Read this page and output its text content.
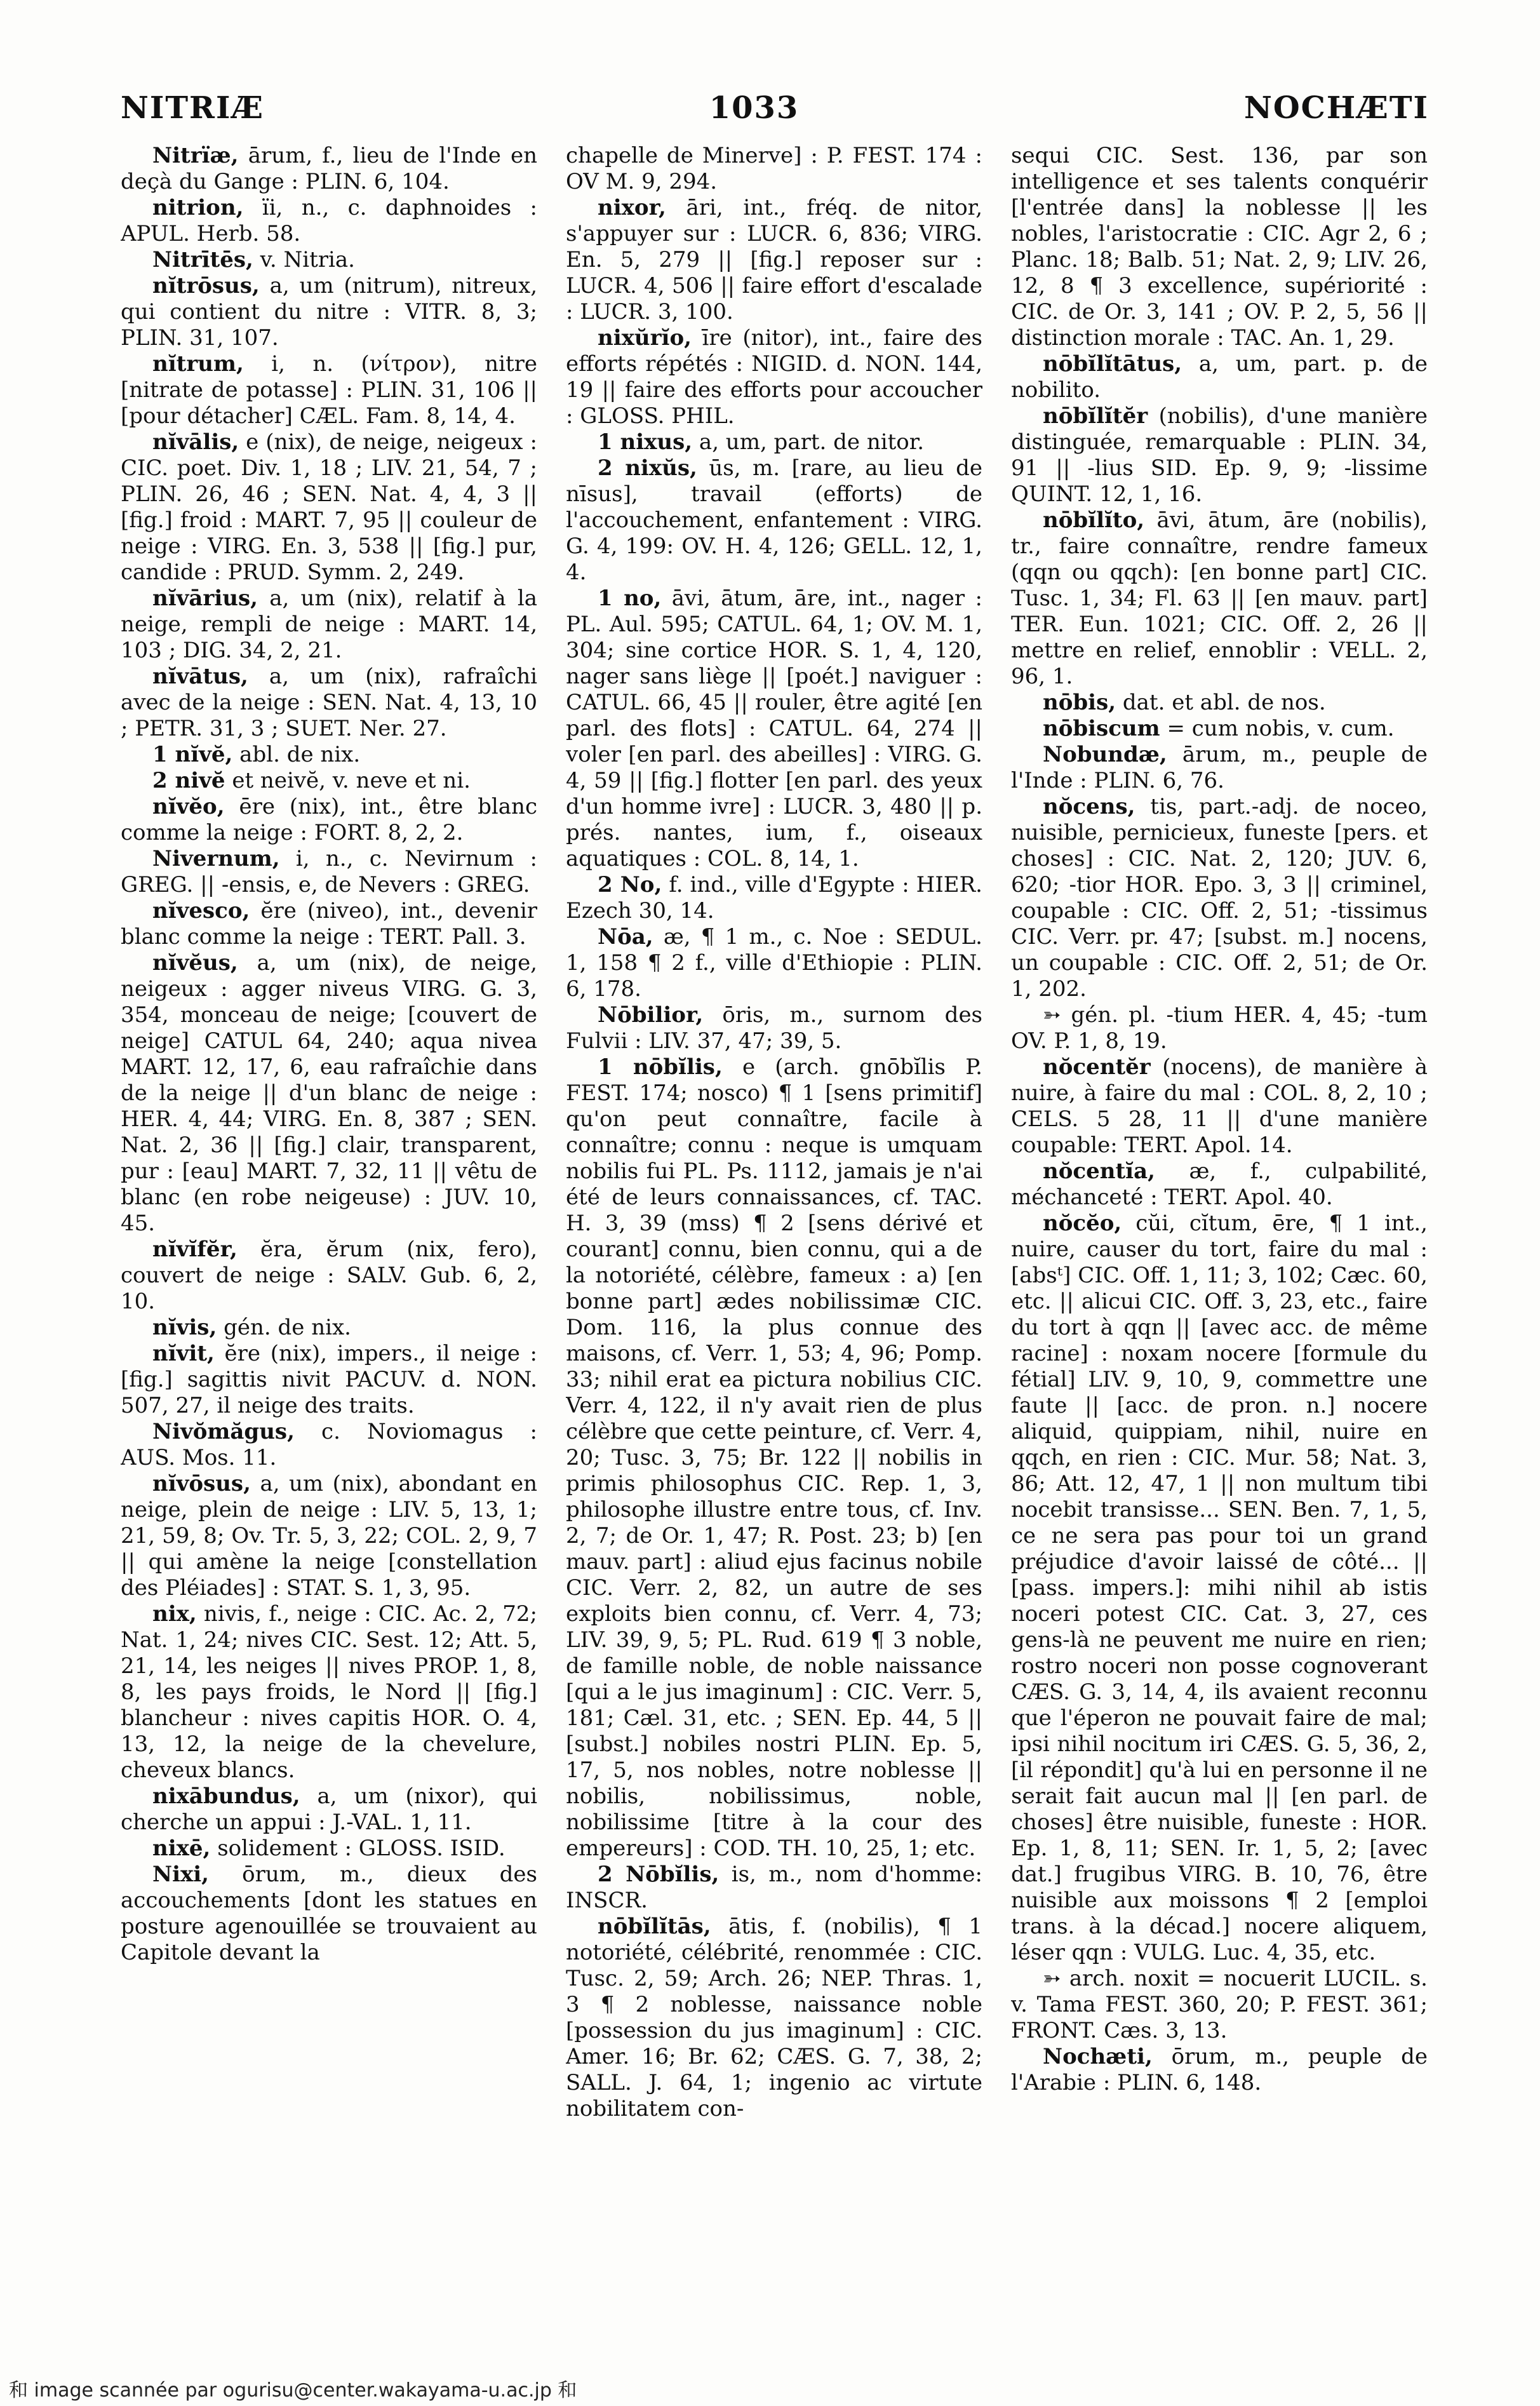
NITRIÆ	1033	NOCHÆTI

Nitrïæ, ārum, f., lieu de l'Inde en deçà du Gange : PLIN. 6, 104.

nitrion, ïi, n., c. daphnoides : APUL. Herb. 58.

Nitrītēs, v. Nitria.

nĭtrōsus, a, um (nitrum), nitreux, qui contient du nitre : VITR. 8, 3; PLIN. 31, 107.

nĭtrum, i, n. (νίτρον), nitre [nitrate de potasse] : PLIN. 31, 106 || [pour détacher] CÆL. Fam. 8, 14, 4.

nĭvālis, e (nix), de neige, neigeux : CIC. poet. Div. 1, 18 ; LIV. 21, 54, 7 ; PLIN. 26, 46 ; SEN. Nat. 4, 4, 3 || [fig.] froid : MART. 7, 95 || couleur de neige : VIRG. En. 3, 538 || [fig.] pur, candide : PRUD. Symm. 2, 249.

nĭvārius, a, um (nix), relatif à la neige, rempli de neige : MART. 14, 103 ; DIG. 34, 2, 21.

nĭvātus, a, um (nix), rafraîchi avec de la neige : SEN. Nat. 4, 13, 10 ; PETR. 31, 3 ; SUET. Ner. 27.

1 nĭvĕ, abl. de nix.

2 nivĕ et neivĕ, v. neve et ni.

nĭvĕo, ēre (nix), int., être blanc comme la neige : FORT. 8, 2, 2.

Nivernum, i, n., c. Nevirnum : GREG. || -ensis, e, de Nevers : GREG.

nĭvesco, ĕre (niveo), int., devenir blanc comme la neige : TERT. Pall. 3.

nĭvĕus, a, um (nix), de neige, neigeux : agger niveus VIRG. G. 3, 354, monceau de neige; [couvert de neige] CATUL 64, 240; aqua nivea MART. 12, 17, 6, eau rafraîchie dans de la neige || d'un blanc de neige : HER. 4, 44; VIRG. En. 8, 387 ; SEN. Nat. 2, 36 || [fig.] clair, transparent, pur : [eau] MART. 7, 32, 11 || vêtu de blanc (en robe neigeuse) : JUV. 10, 45.

nĭvĭfĕr, ĕra, ĕrum (nix, fero), couvert de neige : SALV. Gub. 6, 2, 10.

nĭvis, gén. de nix.

nĭvit, ĕre (nix), impers., il neige : [fig.] sagittis nivit PACUV. d. NON. 507, 27, il neige des traits.

Nivŏmăgus, c. Noviomagus : AUS. Mos. 11.

nĭvōsus, a, um (nix), abondant en neige, plein de neige : LIV. 5, 13, 1; 21, 59, 8; Ov. Tr. 5, 3, 22; COL. 2, 9, 7 || qui amène la neige [constellation des Pléiades] : STAT. S. 1, 3, 95.

nix, nivis, f., neige : CIC. Ac. 2, 72; Nat. 1, 24; nives CIC. Sest. 12; Att. 5, 21, 14, les neiges || nives PROP. 1, 8, 8, les pays froids, le Nord || [fig.] blancheur : nives capitis HOR. O. 4, 13, 12, la neige de la chevelure, cheveux blancs.

nixābundus, a, um (nixor), qui cherche un appui : J.-VAL. 1, 11.

nixē, solidement : GLOSS. ISID.

Nixi, ōrum, m., dieux des accouchements [dont les statues en posture agenouillée se trouvaient au Capitole devant la

chapelle de Minerve] : P. FEST. 174 : OV M. 9, 294.

nixor, āri, int., fréq. de nitor, s'appuyer sur : LUCR. 6, 836; VIRG. En. 5, 279 || [fig.] reposer sur : LUCR. 4, 506 || faire effort d'escalade : LUCR. 3, 100.

nixŭrĭo, īre (nitor), int., faire des efforts répétés : NIGID. d. NON. 144, 19 || faire des efforts pour accoucher : GLOSS. PHIL.

1 nixus, a, um, part. de nitor.

2 nixŭs, ūs, m. [rare, au lieu de nīsus], travail (efforts) de l'accouchement, enfantement : VIRG. G. 4, 199: OV. H. 4, 126; GELL. 12, 1, 4.

1 no, āvi, ātum, āre, int., nager : PL. Aul. 595; CATUL. 64, 1; OV. M. 1, 304; sine cortice HOR. S. 1, 4, 120, nager sans liège || [poét.] naviguer : CATUL. 66, 45 || rouler, être agité [en parl. des flots] : CATUL. 64, 274 || voler [en parl. des abeilles] : VIRG. G. 4, 59 || [fig.] flotter [en parl. des yeux d'un homme ivre] : LUCR. 3, 480 || p. prés. nantes, ium, f., oiseaux aquatiques : COL. 8, 14, 1.

2 No, f. ind., ville d'Egypte : HIER. Ezech 30, 14.

Nōa, æ, ¶ 1 m., c. Noe : SEDUL. 1, 158 ¶ 2 f., ville d'Ethiopie : PLIN. 6, 178.

Nōbilior, ōris, m., surnom des Fulvii : LIV. 37, 47; 39, 5.

1 nōbĭlis, e (arch. gnōbĭlis P. FEST. 174; nosco) ¶ 1 [sens primitif] qu'on peut connaître, facile à connaître; connu : neque is umquam nobilis fui PL. Ps. 1112, jamais je n'ai été de leurs connaissances, cf. TAC. H. 3, 39 (mss) ¶ 2 [sens dérivé et courant] connu, bien connu, qui a de la notoriété, célèbre, fameux : a) [en bonne part] ædes nobilissimæ CIC. Dom. 116, la plus connue des maisons, cf. Verr. 1, 53; 4, 96; Pomp. 33; nihil erat ea pictura nobilius CIC. Verr. 4, 122, il n'y avait rien de plus célèbre que cette peinture, cf. Verr. 4, 20; Tusc. 3, 75; Br. 122 || nobilis in primis philosophus CIC. Rep. 1, 3, philosophe illustre entre tous, cf. Inv. 2, 7; de Or. 1, 47; R. Post. 23; b) [en mauv. part] : aliud ejus facinus nobile CIC. Verr. 2, 82, un autre de ses exploits bien connu, cf. Verr. 4, 73; LIV. 39, 9, 5; PL. Rud. 619 ¶ 3 noble, de famille noble, de noble naissance [qui a le jus imaginum] : CIC. Verr. 5, 181; Cæl. 31, etc. ; SEN. Ep. 44, 5 || [subst.] nobiles nostri PLIN. Ep. 5, 17, 5, nos nobles, notre noblesse || nobilis, nobilissimus, noble, nobilissime [titre à la cour des empereurs] : COD. TH. 10, 25, 1; etc.

2 Nōbĭlis, is, m., nom d'homme: INSCR.

nōbĭlĭtās, ātis, f. (nobilis), ¶ 1 notoriété, célébrité, renommée : CIC. Tusc. 2, 59; Arch. 26; NEP. Thras. 1, 3 ¶ 2 noblesse, naissance noble [possession du jus imaginum] : CIC. Amer. 16; Br. 62; CÆS. G. 7, 38, 2; SALL. J. 64, 1; ingenio ac virtute nobilitatem con-

sequi CIC. Sest. 136, par son intelligence et ses talents conquérir [l'entrée dans] la noblesse || les nobles, l'aristocratie : CIC. Agr 2, 6 ; Planc. 18; Balb. 51; Nat. 2, 9; LIV. 26, 12, 8 ¶ 3 excellence, supériorité : CIC. de Or. 3, 141 ; OV. P. 2, 5, 56 || distinction morale : TAC. An. 1, 29.

nōbĭlĭtātus, a, um, part. p. de nobilito.

nōbĭlĭtĕr (nobilis), d'une manière distinguée, remarquable : PLIN. 34, 91 || -lius SID. Ep. 9, 9; -lissime QUINT. 12, 1, 16.

nōbĭlĭto, āvi, ātum, āre (nobilis), tr., faire connaître, rendre fameux (qqn ou qqch): [en bonne part] CIC. Tusc. 1, 34; Fl. 63 || [en mauv. part] TER. Eun. 1021; CIC. Off. 2, 26 || mettre en relief, ennoblir : VELL. 2, 96, 1.

nōbis, dat. et abl. de nos.

nōbiscum = cum nobis, v. cum.

Nobundæ, ārum, m., peuple de l'Inde : PLIN. 6, 76.

nŏcens, tis, part.-adj. de noceo, nuisible, pernicieux, funeste [pers. et choses] : CIC. Nat. 2, 120; JUV. 6, 620; -tior HOR. Epo. 3, 3 || criminel, coupable : CIC. Off. 2, 51; -tissimus CIC. Verr. pr. 47; [subst. m.] nocens, un coupable : CIC. Off. 2, 51; de Or. 1, 202.

➳ gén. pl. -tium HER. 4, 45; -tum OV. P. 1, 8, 19.

nŏcentĕr (nocens), de manière à nuire, à faire du mal : COL. 8, 2, 10 ; CELS. 5 28, 11 || d'une manière coupable: TERT. Apol. 14.

nŏcentĭa, æ, f., culpabilité, méchanceté : TERT. Apol. 40.

nŏcĕo, cŭi, cĭtum, ēre, ¶ 1 int., nuire, causer du tort, faire du mal : [absᵗ] CIC. Off. 1, 11; 3, 102; Cæc. 60, etc. || alicui CIC. Off. 3, 23, etc., faire du tort à qqn || [avec acc. de même racine] : noxam nocere [formule du fétial] LIV. 9, 10, 9, commettre une faute || [acc. de pron. n.] nocere aliquid, quippiam, nihil, nuire en qqch, en rien : CIC. Mur. 58; Nat. 3, 86; Att. 12, 47, 1 || non multum tibi nocebit transisse... SEN. Ben. 7, 1, 5, ce ne sera pas pour toi un grand préjudice d'avoir laissé de côté... || [pass. impers.]: mihi nihil ab istis noceri potest CIC. Cat. 3, 27, ces gens-là ne peuvent me nuire en rien; rostro noceri non posse cognoverant CÆS. G. 3, 14, 4, ils avaient reconnu que l'éperon ne pouvait faire de mal; ipsi nihil nocitum iri CÆS. G. 5, 36, 2, [il répondit] qu'à lui en personne il ne serait fait aucun mal || [en parl. de choses] être nuisible, funeste : HOR. Ep. 1, 8, 11; SEN. Ir. 1, 5, 2; [avec dat.] frugibus VIRG. B. 10, 76, être nuisible aux moissons ¶ 2 [emploi trans. à la décad.] nocere aliquem, léser qqn : VULG. Luc. 4, 35, etc.

➳ arch. noxit = nocuerit LUCIL. s. v. Tama FEST. 360, 20; P. FEST. 361; FRONT. Cæs. 3, 13.

Nochæti, ōrum, m., peuple de l'Arabie : PLIN. 6, 148.

和 image scannée par ogurisu@center.wakayama-u.ac.jp 和
